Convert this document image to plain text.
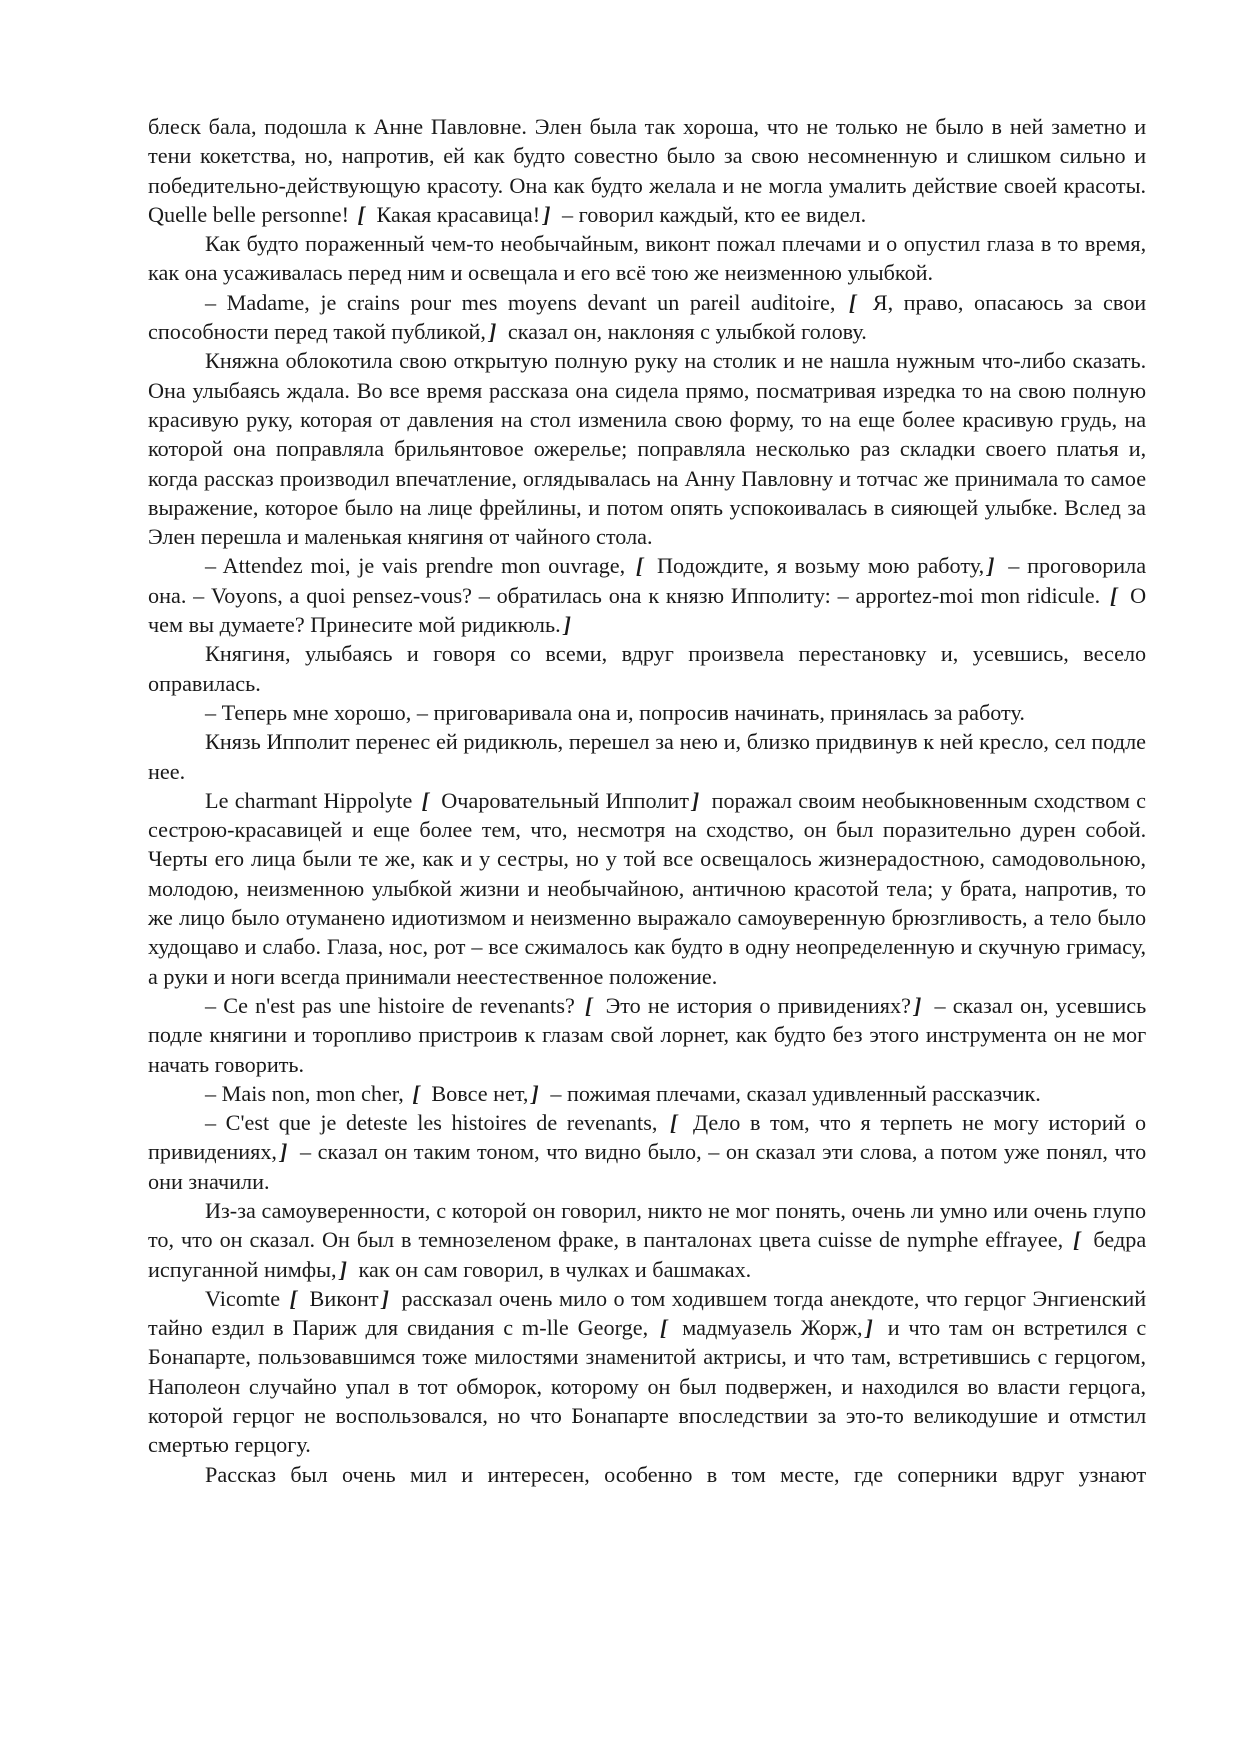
блеск бала, подошла к Анне Павловне. Элен была так хороша, что не только не было в ней заметно и тени кокетства, но, напротив, ей как будто совестно было за свою несомненную и слишком сильно и победительно-действующую красоту. Она как будто желала и не могла умалить действие своей красоты. Quelle belle personne! [ Какая красавица! ] – говорил каждый, кто ее видел.

Как будто пораженный чем-то необычайным, виконт пожал плечами и о опустил глаза в то время, как она усаживалась перед ним и освещала и его всё тою же неизменною улыбкой.

– Madame, je crains pour mes moyens devant un pareil auditoire, [ Я, право, опасаюсь за свои способности перед такой публикой, ] сказал он, наклоняя с улыбкой голову.

Княжна облокотила свою открытую полную руку на столик и не нашла нужным что-либо сказать. Она улыбаясь ждала. Во все время рассказа она сидела прямо, посматривая изредка то на свою полную красивую руку, которая от давления на стол изменила свою форму, то на еще более красивую грудь, на которой она поправляла брильянтовое ожерелье; поправляла несколько раз складки своего платья и, когда рассказ производил впечатление, оглядывалась на Анну Павловну и тотчас же принимала то самое выражение, которое было на лице фрейлины, и потом опять успокоивалась в сияющей улыбке. Вслед за Элен перешла и маленькая княгиня от чайного стола.

– Attendez moi, je vais prendre mon ouvrage, [ Подождите, я возьму мою работу, ] – проговорила она. – Voyons, a quoi pensez-vous? – обратилась она к князю Ипполиту: – apportez-moi mon ridicule. [ О чем вы думаете? Принесите мой ридикюль. ]

Княгиня, улыбаясь и говоря со всеми, вдруг произвела перестановку и, усевшись, весело оправилась.

– Теперь мне хорошо, – приговаривала она и, попросив начинать, принялась за работу.

Князь Ипполит перенес ей ридикюль, перешел за нею и, близко придвинув к ней кресло, сел подле нее.

Le charmant Hippolyte [ Очаровательный Ипполит ] поражал своим необыкновенным сходством с сестрою-красавицей и еще более тем, что, несмотря на сходство, он был поразительно дурен собой. Черты его лица были те же, как и у сестры, но у той все освещалось жизнерадостною, самодовольною, молодою, неизменною улыбкой жизни и необычайною, античною красотой тела; у брата, напротив, то же лицо было отуманено идиотизмом и неизменно выражало самоуверенную брюзгливость, а тело было худощаво и слабо. Глаза, нос, рот – все сжималось как будто в одну неопределенную и скучную гримасу, а руки и ноги всегда принимали неестественное положение.

– Ce n'est pas une histoire de revenants? [ Это не история о привидениях? ] – сказал он, усевшись подле княгини и торопливо пристроив к глазам свой лорнет, как будто без этого инструмента он не мог начать говорить.

– Mais non, mon cher, [ Вовсе нет, ] – пожимая плечами, сказал удивленный рассказчик.

– C'est que je deteste les histoires de revenants, [ Дело в том, что я терпеть не могу историй о привидениях, ] – сказал он таким тоном, что видно было, – он сказал эти слова, а потом уже понял, что они значили.

Из-за самоуверенности, с которой он говорил, никто не мог понять, очень ли умно или очень глупо то, что он сказал. Он был в темнозеленом фраке, в панталонах цвета cuisse de nymphe effrayee, [ бедра испуганной нимфы, ] как он сам говорил, в чулках и башмаках.

Vicomte [ Виконт ] рассказал очень мило о том ходившем тогда анекдоте, что герцог Энгиенский тайно ездил в Париж для свидания с m-lle George, [ мадмуазель Жорж, ] и что там он встретился с Бонапарте, пользовавшимся тоже милостями знаменитой актрисы, и что там, встретившись с герцогом, Наполеон случайно упал в тот обморок, которому он был подвержен, и находился во власти герцога, которой герцог не воспользовался, но что Бонапарте впоследствии за это-то великодушие и отмстил смертью герцогу.

Рассказ был очень мил и интересен, особенно в том месте, где соперники вдруг узнают
